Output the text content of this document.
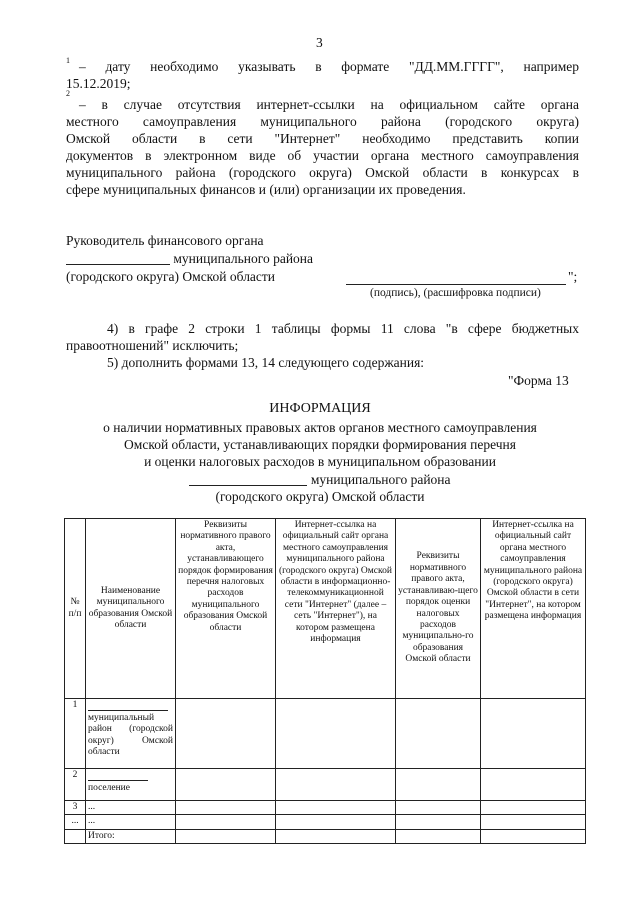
3
$^1$ – дату необходимо указывать в формате "ДД.ММ.ГГГГ", например
15.12.2019;
$^2$
– в случае отсутствия интернет-ссылки на официальном сайте органа
местного самоуправления муниципального района (городского округа)
Омской области в сети "Интернет" необходимо представить копии
документов в электронном виде об участии органа местного самоуправления
муниципального района (городского округа) Омской области в конкурсах в
сфере муниципальных финансов и (или) организации их проведения.
Руководитель финансового органа
муниципального района
(городского округа) Омской области	";
(подпись), (расшифровка подписи)
4) в графе 2 строки 1 таблицы формы 11 слова "в сфере бюджетных
правоотношений" исключить;
5) дополнить формами 13, 14 следующего содержания:
"Форма 13
ИНФОРМАЦИЯ
о наличии нормативных правовых актов органов местного самоуправления
Омской области, устанавливающих порядки формирования перечня
и оценки налоговых расходов в муниципальном образовании
муниципального района
(городского округа) Омской области
№ п/п	Наименование муниципального образования Омской области	Реквизиты нормативного правого акта, устанавливающего порядок формирования перечня налоговых расходов муниципального образования Омской области	Интернет-ссылка на официальный сайт органа местного самоуправления муниципального района (городского округа) Омской области в информационно-телекоммуникационной сети "Интернет" (далее – сеть "Интернет"), на котором размещена информация	Реквизиты нормативного правого акта, устанавливаю-щего порядок оценки налоговых расходов муниципально-го образования Омской области	Интернет-ссылка на официальный сайт органа местного самоуправления муниципального района (городского округа) Омской области в сети "Интернет", на котором размещена информация
1	муниципальный район (городской округ) Омской области				

2	поселение				

3	...				
...	...				
	Итого:				
